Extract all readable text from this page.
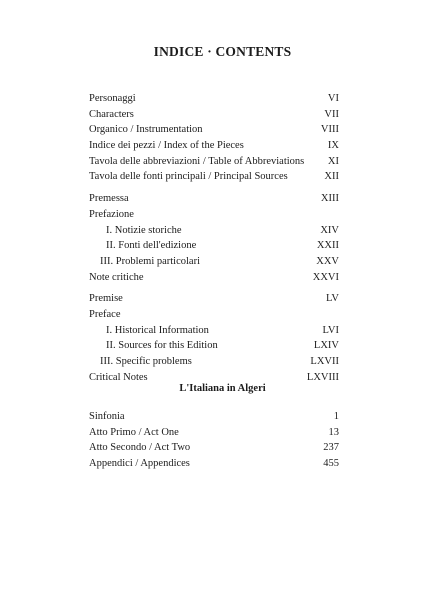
INDICE · CONTENTS
Personaggi	VI
Characters	VII
Organico / Instrumentation	VIII
Indice dei pezzi / Index of the Pieces	IX
Tavola delle abbreviazioni / Table of Abbreviations XI
Tavola delle fonti principali / Principal Sources	XII
Premessa	XIII
Prefazione
I. Notizie storiche	XIV
II. Fonti dell'edizione	XXII
III. Problemi particolari	XXV
Note critiche	XXVI
Premise	LV
Preface
I. Historical Information	LVI
II. Sources for this Edition	LXIV
III. Specific problems	LXVII
Critical Notes	LXVIII
L'Italiana in Algeri
Sinfonia	1
Atto Primo / Act One	13
Atto Secondo / Act Two	237
Appendici / Appendices	455
